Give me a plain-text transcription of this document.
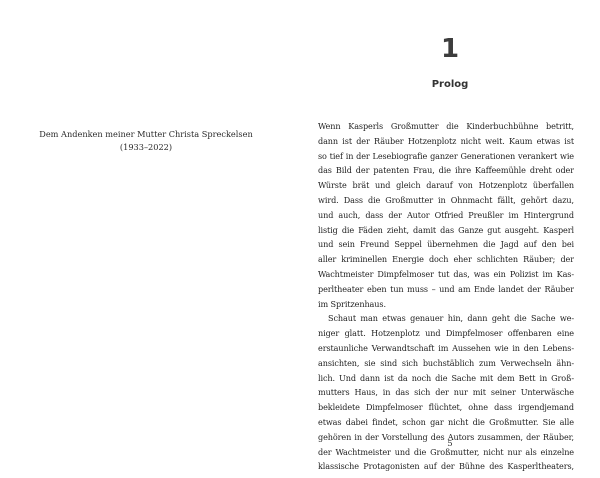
Dem Andenken meiner Mutter Christa Spreckelsen
(1933–2022)
1
Prolog
Wenn Kasperls Großmutter die Kinderbuchbühne betritt,
dann ist der Räuber Hotzenplotz nicht weit. Kaum etwas ist
so tief in der Lesebiografie ganzer Generationen verankert wie
das Bild der patenten Frau, die ihre Kaffeemühle dreht oder
Würste brät und gleich darauf von Hotzenplotz überfallen
wird. Dass die Großmutter in Ohnmacht fällt, gehört dazu,
und auch, dass der Autor Otfried Preußler im Hintergrund
listig die Fäden zieht, damit das Ganze gut ausgeht. Kasperl
und sein Freund Seppel übernehmen die Jagd auf den bei
aller kriminellen Energie doch eher schlichten Räuber; der
Wachtmeister Dimpfelmoser tut das, was ein Polizist im Kas-
perltheater eben tun muss – und am Ende landet der Räuber
im Spritzenhaus.
Schaut man etwas genauer hin, dann geht die Sache we-
niger glatt. Hotzenplotz und Dimpfelmoser offenbaren eine
erstaunliche Verwandtschaft im Aussehen wie in den Lebens-
ansichten, sie sind sich buchstäblich zum Verwechseln ähn-
lich. Und dann ist da noch die Sache mit dem Bett in Groß-
mutters Haus, in das sich der nur mit seiner Unterwäsche
bekleidete Dimpfelmoser flüchtet, ohne dass irgendjemand
etwas dabei findet, schon gar nicht die Großmutter. Sie alle
gehören in der Vorstellung des Autors zusammen, der Räuber,
der Wachtmeister und die Großmutter, nicht nur als einzelne
klassische Protagonisten auf der Bühne des Kasperltheaters,
5
